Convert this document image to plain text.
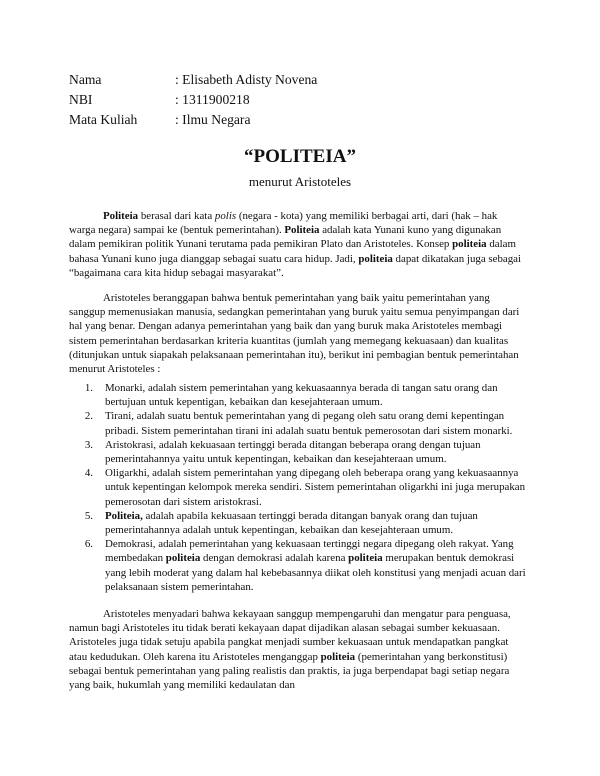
Nama	: Elisabeth Adisty Novena
NBI	: 1311900218
Mata Kuliah	: Ilmu Negara
“POLITEIA”
menurut Aristoteles

Politeia berasal dari kata polis (negara - kota) yang memiliki berbagai arti, dari (hak – hak warga negara) sampai ke (bentuk pemerintahan). Politeia adalah kata Yunani kuno yang digunakan dalam pemikiran politik Yunani terutama pada pemikiran Plato dan Aristoteles. Konsep politeia dalam bahasa Yunani kuno juga dianggap sebagai suatu cara hidup. Jadi, politeia dapat dikatakan juga sebagai “bagaimana cara kita hidup sebagai masyarakat”.

Aristoteles beranggapan bahwa bentuk pemerintahan yang baik yaitu pemerintahan yang sanggup memenusiakan manusia, sedangkan pemerintahan yang buruk yaitu semua penyimpangan dari hal yang benar. Dengan adanya pemerintahan yang baik dan yang buruk maka Aristoteles membagi sistem pemerintahan berdasarkan kriteria kuantitas (jumlah yang memegang kekuasaan) dan kualitas (ditunjukan untuk siapakah pelaksanaan pemerintahan itu), berikut ini pembagian bentuk pemerintahan menurut Aristoteles :

1.	Monarki, adalah sistem pemerintahan yang kekuasaannya berada di tangan satu orang dan bertujuan untuk kepentigan, kebaikan dan kesejahteraan umum.
2.	Tirani, adalah suatu bentuk pemerintahan yang di pegang oleh satu orang demi kepentingan pribadi. Sistem pemerintahan tirani ini adalah suatu bentuk pemerosotan dari sistem monarki.
3.	Aristokrasi, adalah kekuasaan tertinggi berada ditangan beberapa orang dengan tujuan pemerintahannya yaitu untuk kepentingan, kebaikan dan kesejahteraan umum.
4.	Oligarkhi, adalah sistem pemerintahan yang dipegang oleh beberapa orang yang kekuasaannya untuk kepentingan kelompok mereka sendiri. Sistem pemerintahan oligarkhi ini juga merupakan pemerosotan dari sistem aristokrasi.
5.	Politeia, adalah apabila kekuasaan tertinggi berada ditangan banyak orang dan tujuan pemerintahannya adalah untuk kepentingan, kebaikan dan kesejahteraan umum.
6.	Demokrasi, adalah pemerintahan yang kekuasaan tertinggi negara dipegang oleh rakyat. Yang membedakan politeia dengan demokrasi adalah karena politeia merupakan bentuk demokrasi yang lebih moderat yang dalam hal kebebasannya diikat oleh konstitusi yang menjadi acuan dari pelaksanaan sistem pemerintahan.

Aristoteles menyadari bahwa kekayaan sanggup mempengaruhi dan mengatur para penguasa, namun bagi Aristoteles itu tidak berati kekayaan dapat dijadikan alasan sebagai sumber kekuasaan. Aristoteles juga tidak setuju apabila pangkat menjadi sumber kekuasaan untuk mendapatkan pangkat atau kedudukan. Oleh karena itu Aristoteles menganggap politeia (pemerintahan yang berkonstitusi) sebagai bentuk pemerintahan yang paling realistis dan praktis, ia juga berpendapat bagi setiap negara yang baik, hukumlah yang memiliki kedaulatan dan
